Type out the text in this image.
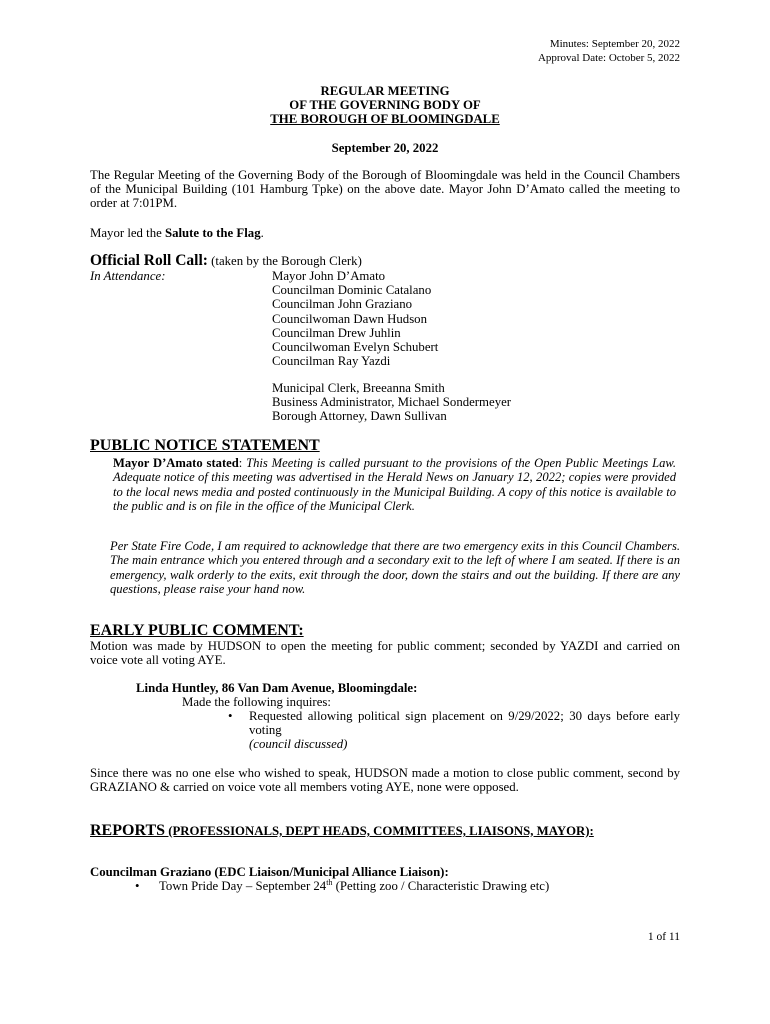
Minutes: September 20, 2022
Approval Date: October 5, 2022
REGULAR MEETING
OF THE GOVERNING BODY OF
THE BOROUGH OF BLOOMINGDALE
September 20, 2022

The Regular Meeting of the Governing Body of the Borough of Bloomingdale was held in the Council Chambers of the Municipal Building (101 Hamburg Tpke) on the above date. Mayor John D’Amato called the meeting to order at 7:01PM.

Mayor led the Salute to the Flag.

Official Roll Call: (taken by the Borough Clerk)
In Attendance:	Mayor John D’Amato
Councilman Dominic Catalano
Councilman John Graziano
Councilwoman Dawn Hudson
Councilman Drew Juhlin
Councilwoman Evelyn Schubert
Councilman Ray Yazdi
Municipal Clerk, Breeanna Smith
Business Administrator, Michael Sondermeyer
Borough Attorney, Dawn Sullivan
PUBLIC NOTICE STATEMENT

Mayor D’Amato stated: This Meeting is called pursuant to the provisions of the Open Public Meetings Law. Adequate notice of this meeting was advertised in the Herald News on January 12, 2022; copies were provided to the local news media and posted continuously in the Municipal Building. A copy of this notice is available to the public and is on file in the office of the Municipal Clerk.

Per State Fire Code, I am required to acknowledge that there are two emergency exits in this Council Chambers. The main entrance which you entered through and a secondary exit to the left of where I am seated. If there is an emergency, walk orderly to the exits, exit through the door, down the stairs and out the building. If there are any questions, please raise your hand now.

EARLY PUBLIC COMMENT:

Motion was made by HUDSON to open the meeting for public comment; seconded by YAZDI and carried on voice vote all voting AYE.

Linda Huntley, 86 Van Dam Avenue, Bloomingdale:
Made the following inquires:
• Requested allowing political sign placement on 9/29/2022; 30 days before early voting
(council discussed)

Since there was no one else who wished to speak, HUDSON made a motion to close public comment, second by GRAZIANO & carried on voice vote all members voting AYE, none were opposed.

REPORTS (PROFESSIONALS, DEPT HEADS, COMMITTEES, LIAISONS, MAYOR):
Councilman Graziano (EDC Liaison/Municipal Alliance Liaison):
• Town Pride Day – September 24th (Petting zoo / Characteristic Drawing etc)
1 of 11
